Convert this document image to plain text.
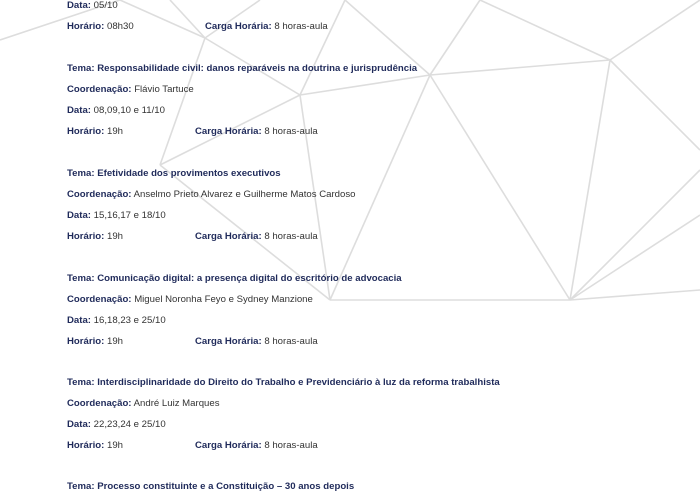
Data: 05/10
Horário: 08h30	Carga Horária: 8 horas-aula
Tema: Responsabilidade civil: danos reparáveis na doutrina e jurisprudência
Coordenação: Flávio Tartuce
Data: 08,09,10 e 11/10
Horário: 19h	Carga Horária: 8 horas-aula
Tema: Efetividade dos provimentos executivos
Coordenação: Anselmo Prieto Alvarez e Guilherme Matos Cardoso
Data: 15,16,17 e 18/10
Horário: 19h	Carga Horária: 8 horas-aula
Tema: Comunicação digital: a presença digital do escritório de advocacia
Coordenação: Miguel Noronha Feyo e Sydney Manzione
Data: 16,18,23 e 25/10
Horário: 19h	Carga Horária: 8 horas-aula
Tema: Interdisciplinaridade do Direito do Trabalho e Previdenciário à luz da reforma trabalhista
Coordenação: André Luiz Marques
Data: 22,23,24 e 25/10
Horário: 19h	Carga Horária: 8 horas-aula
Tema: Processo constituinte e a Constituição – 30 anos depois
